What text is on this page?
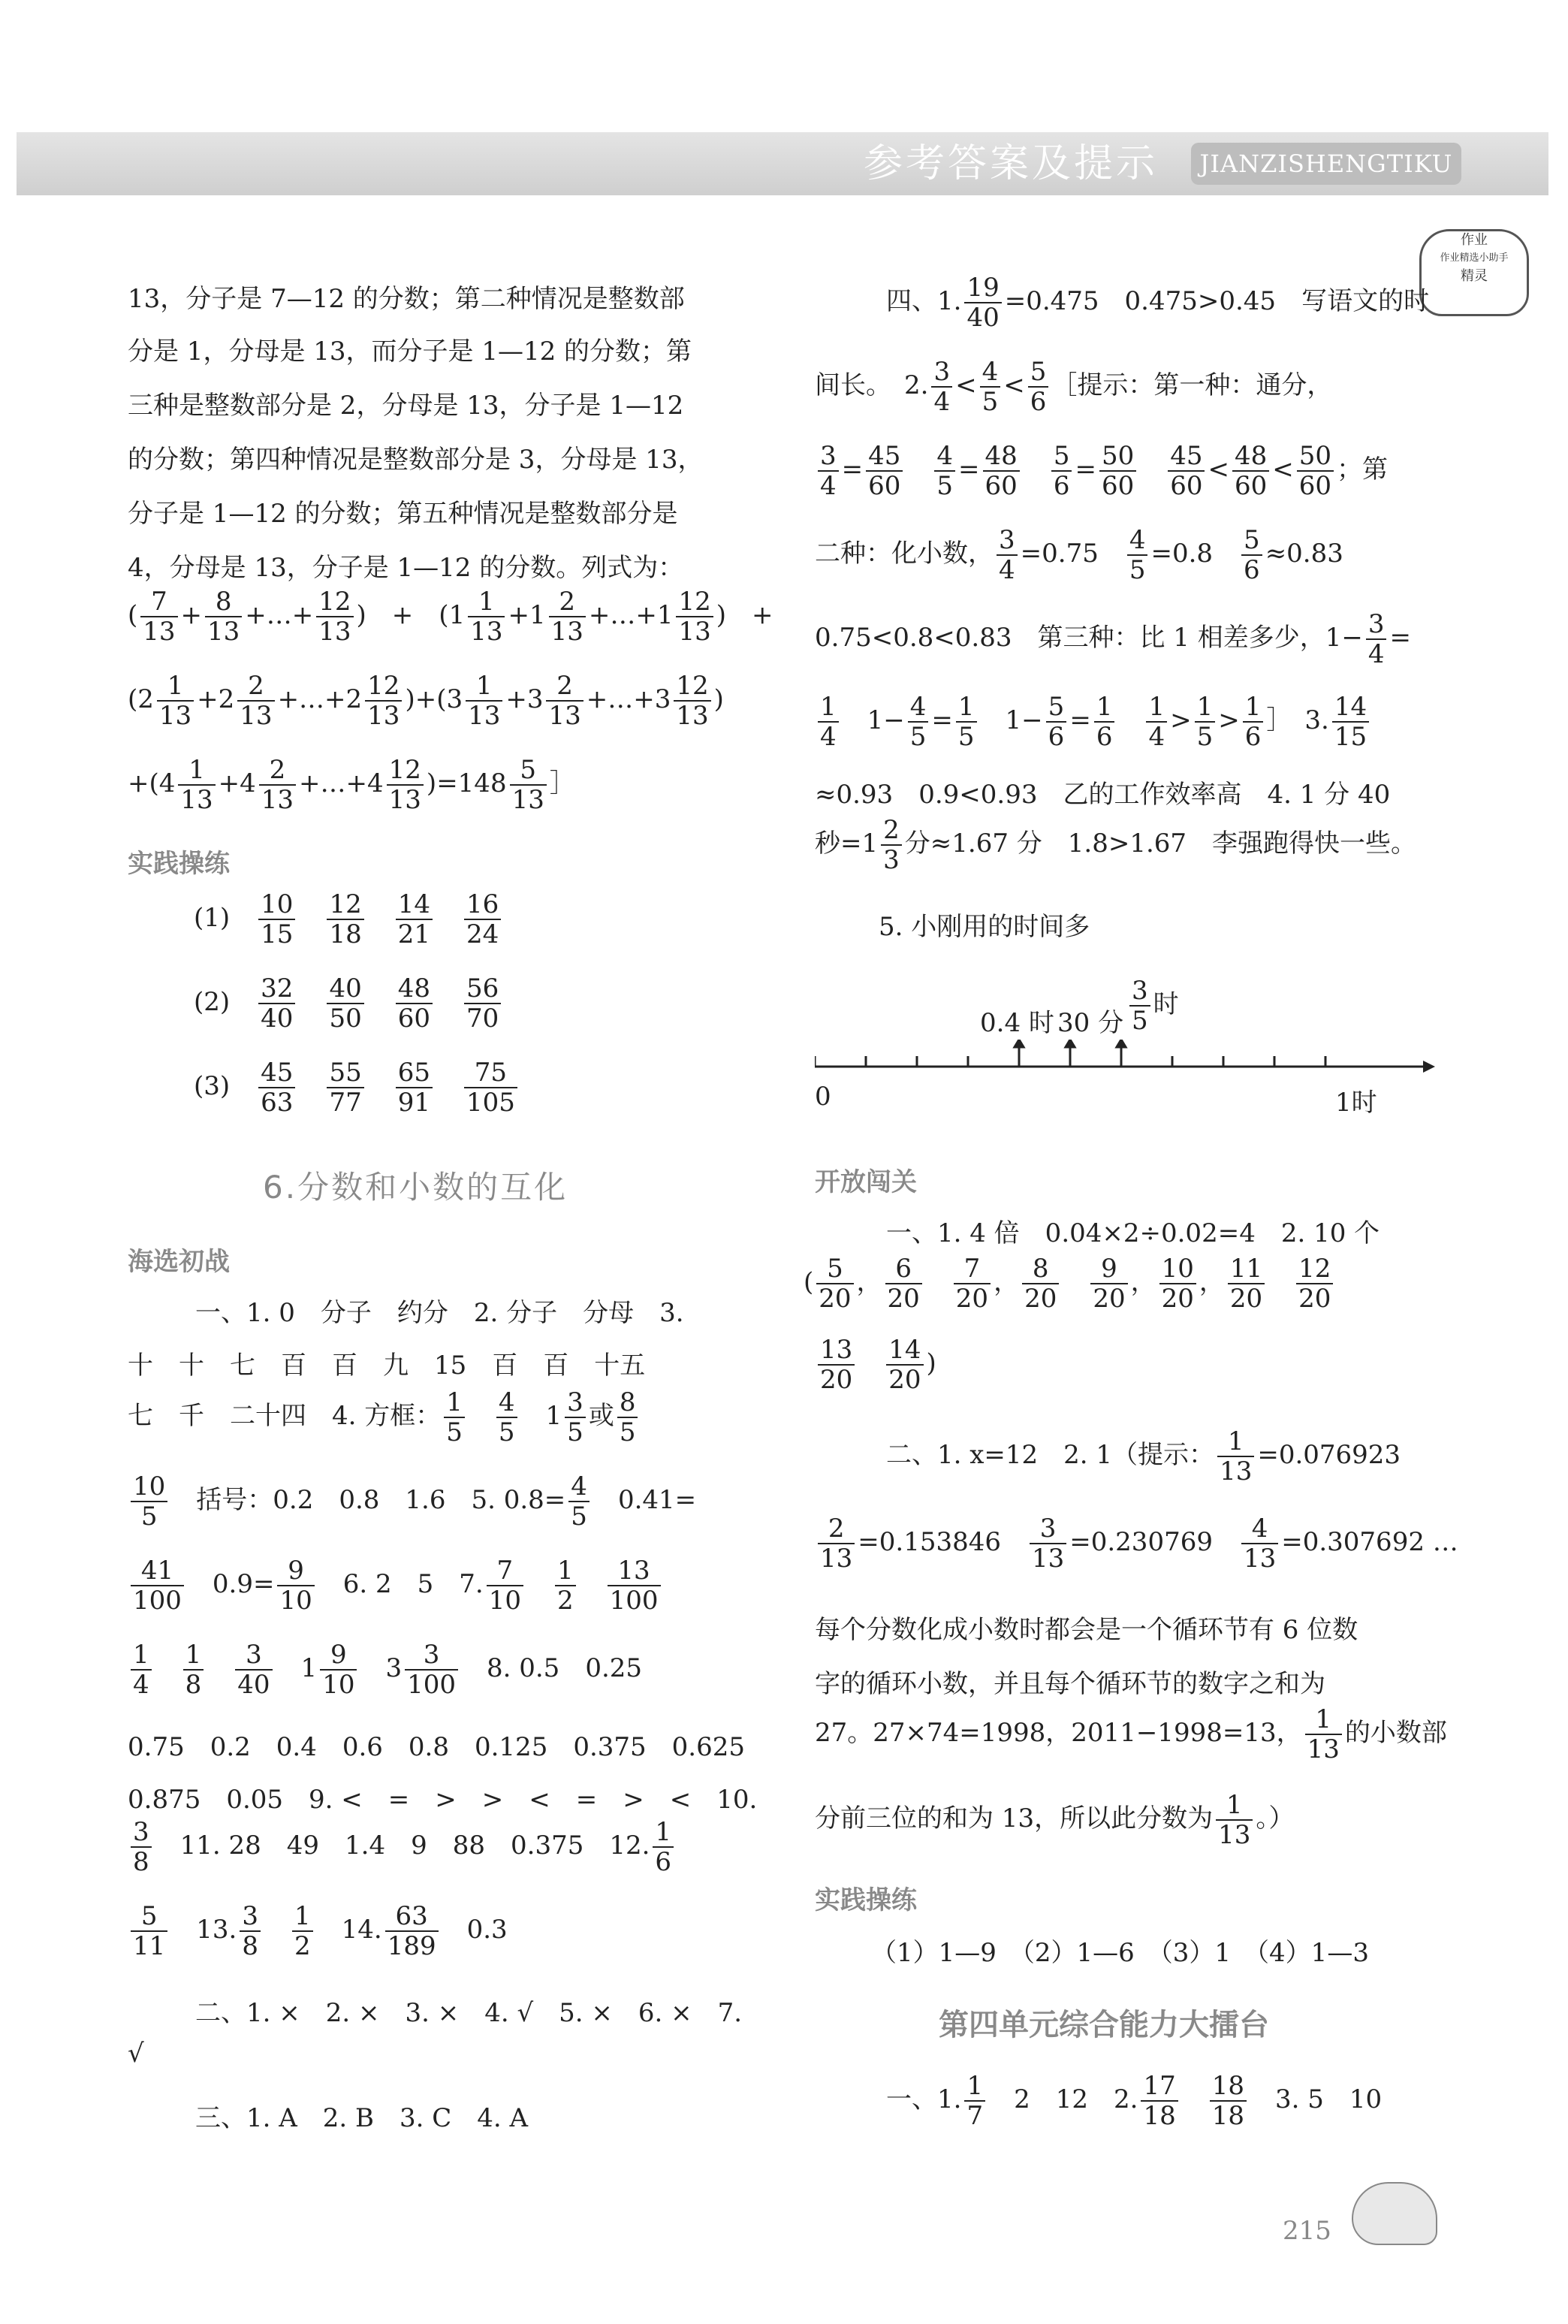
参考答案及提示	JIANZISHENGTIKU
作业
作业精选小助手
精灵
13，分子是 7—12 的分数；第二种情况是整数部
分是 1，分母是 13，而分子是 1—12 的分数；第
三种是整数部分是 2，分母是 13，分子是 1—12
的分数；第四种情况是整数部分是 3，分母是 13，
分子是 1—12 的分数；第五种情况是整数部分是
4，分母是 13，分子是 1—12 的分数。列式为：
( $\frac{7}{13} + \frac{8}{13}$ +…+ $\frac{12}{13}$ )　+　($1 \frac{1}{13} +1 \frac{2}{13}$ +…+1 $\frac{12}{13}$ )　+
($2 \frac{1}{13} +2 \frac{2}{13}$ +…+2 $\frac{12}{13} )+(3 \frac{1}{13} +3 \frac{2}{13}$ +…+3 $\frac{12}{13}$ )
$+(4 \frac{1}{13} +4 \frac{2}{13}$ +…+4 $\frac{12}{13} )=148 \frac{5}{13}$ ］
实践操练
(1)　 $\frac{10}{15}$
　 $\frac{12}{18}$
　 $\frac{14}{21}$
　 $\frac{16}{24}$
(2)　 $\frac{32}{40}$
　 $\frac{40}{50}$
　 $\frac{48}{60}$
　 $\frac{56}{70}$
(3)　 $\frac{45}{63}$
　 $\frac{55}{77}$
　 $\frac{65}{91}$
　 $\frac{75}{105}$
6.分数和小数的互化
海选初战
一、1. 0　分子　约分　2. 分子　分母　3.
十　十　七　百　百　九　15　百　百　十五
七　千　二十四　4. 方框： $\frac{1}{5}$
　 $\frac{4}{5}$ 　$1 \frac{3}{5}$ 或 $\frac{8}{5}$
$\frac{10}{5}$
　 括号：0.2　0.8　1.6　5. $0.8= \frac{4}{5}$
　 0.41=
$\frac{41}{100}$
　 $0.9= \frac{9}{10}$
　 6. 2　5　7. $\frac{7}{10}$
　 $\frac{1}{2}$
　 $\frac{13}{100}$
$\frac{1}{4}$
　 $\frac{1}{8}$
　 $\frac{3}{40}$ 　$1 \frac{9}{10}$ 　$3 \frac{3}{100}$
　 8. 0.5　0.25
0.75　0.2　0.4　0.6　0.8　0.125　0.375　0.625
0.875　0.05　9. <　=　>　>　<　=　>　<　10.
$\frac{3}{8}$
　 11. 28　49　1.4　9　88　0.375　12. $\frac{1}{6}$
$\frac{5}{11}$
　 13. $\frac{3}{8}$
　 $\frac{1}{2}$
　 14. $\frac{63}{189}$
　 0.3
二、1. ×　2. ×　3. ×　4. √　5. ×　6. ×　7.
√
三、1. A　2. B　3. C　4. A
四、1. $\frac{19}{40} =0.475$　0.475>0.45　写语文的时
间长。　2. $\frac{3}{4} < \frac{4}{5} < \frac{5}{6}$ ［提示：第一种：通分，
$\frac{3}{4} = \frac{45}{60}$
　 $\frac{4}{5} = \frac{48}{60}$
　 $\frac{5}{6} = \frac{50}{60}$
　 $\frac{45}{60} < \frac{48}{60} < \frac{50}{60}$ ；第
二种：化小数， $\frac{3}{4} =0.75$　 $\frac{4}{5} =0.8$　 $\frac{5}{6} \approx 0.83$
0.75<0.8<0.83　第三种：比 1 相差多少，$1- \frac{3}{4}$ =
$\frac{1}{4}$ 　$1- \frac{4}{5} = \frac{1}{5}$ 　$1- \frac{5}{6} = \frac{1}{6}$
　 $\frac{1}{4} > \frac{1}{5} > \frac{1}{6}$ ］　3. $\frac{14}{15}$
≈0.93　0.9<0.93　乙的工作效率高　4. 1 分 40
秒$=1 \frac{2}{3}$ 分≈1.67 分　1.8>1.67　李强跑得快一些。
5. 小刚用的时间多
0.4 时 30 分 $\frac{3}{5}$ 时
0	1时
开放闯关
一、1. 4 倍　0.04×2÷0.02=4　2. 10 个
( $\frac{5}{20}$ ， $\frac{6}{20}$
　 $\frac{7}{20}$ ， $\frac{8}{20}$
　 $\frac{9}{20}$ ， $\frac{10}{20}$ ， $\frac{11}{20}$
　 $\frac{12}{20}$
$\frac{13}{20}$
　 $\frac{14}{20}$ )
二、1. x=12　2. 1（提示： $\frac{1}{13} =0.076923$
$\frac{2}{13} =0.153846$　 $\frac{3}{13} =0.230769$　 $\frac{4}{13} =0.307692$ …
每个分数化成小数时都会是一个循环节有 6 位数
字的循环小数，并且每个循环节的数字之和为
27。27×74=1998，2011−1998=13， $\frac{1}{13}$ 的小数部
分前三位的和为 13，所以此分数为 $\frac{1}{13}$ 。）
实践操练
（1）1—9　（2）1—6　（3）1　（4）1—3
第四单元综合能力大擂台
一、1. $\frac{1}{7}$
　 2　12　2. $\frac{17}{18}$
　 $\frac{18}{18}$
　 3. 5　10
215
